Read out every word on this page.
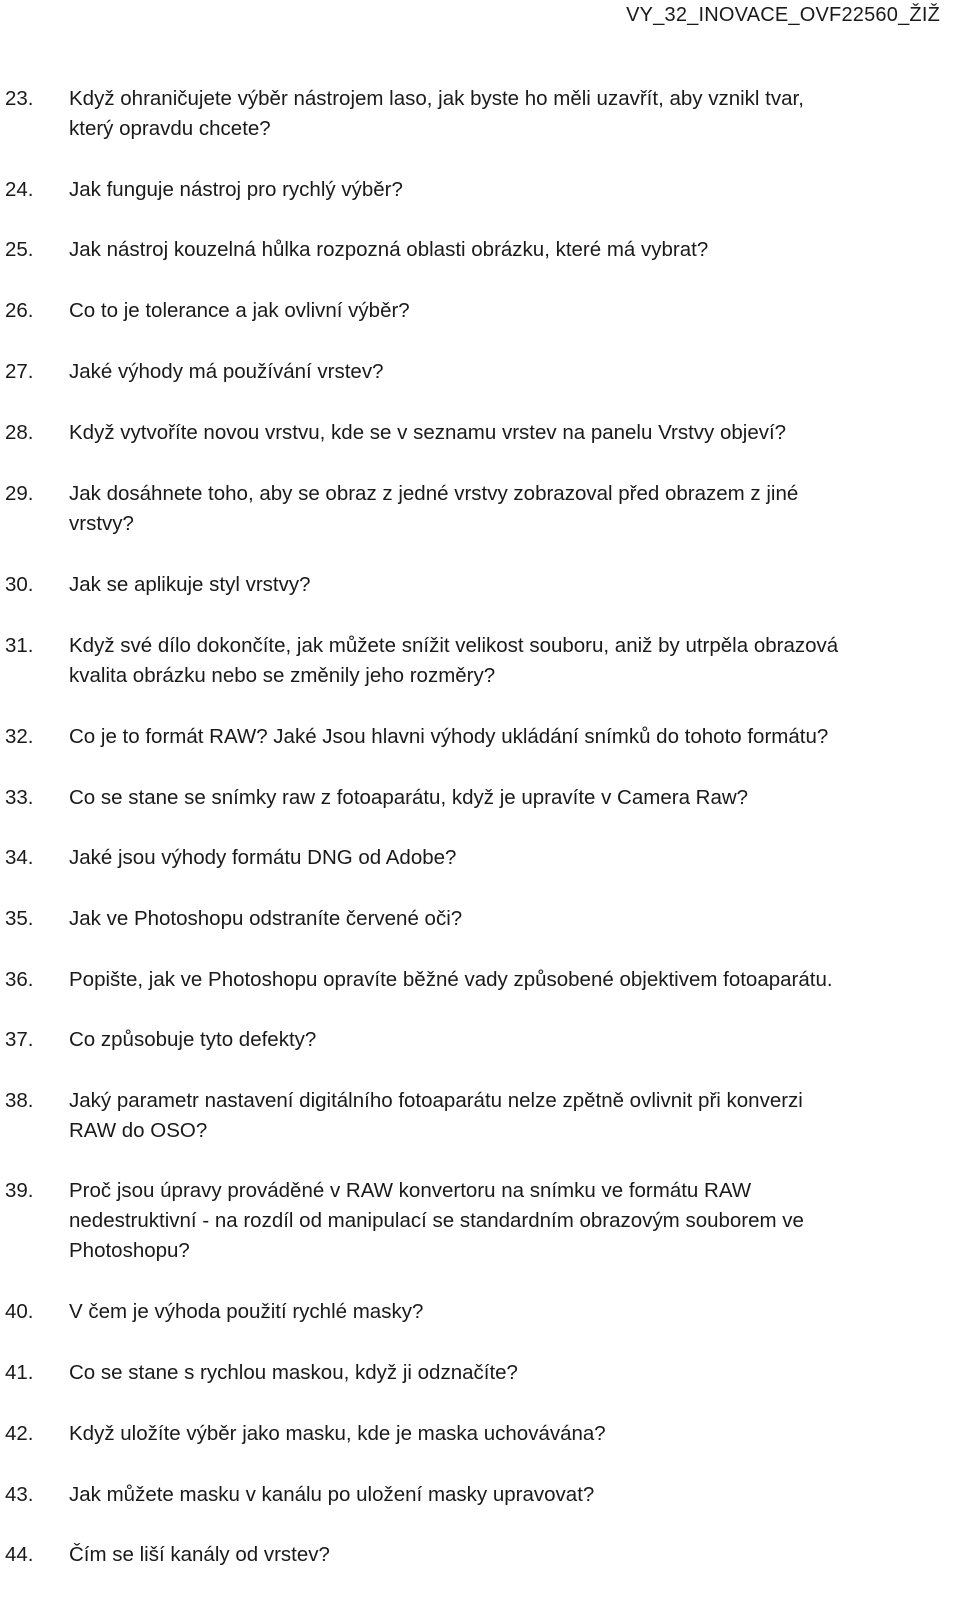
VY_32_INOVACE_OVF22560_ŽIŽ
23. Když ohraničujete výběr nástrojem laso, jak byste ho měli uzavřít, aby vznikl tvar,
který opravdu chcete?
24. Jak funguje nástroj pro rychlý výběr?
25. Jak nástroj kouzelná hůlka rozpozná oblasti obrázku, které má vybrat?
26. Co to je tolerance a jak ovlivní výběr?
27. Jaké výhody má používání vrstev?
28. Když vytvoříte novou vrstvu, kde se v seznamu vrstev na panelu Vrstvy objeví?
29. Jak dosáhnete toho, aby se obraz z jedné vrstvy zobrazoval před obrazem z jiné
vrstvy?
30. Jak se aplikuje styl vrstvy?
31. Když své dílo dokončíte, jak můžete snížit velikost souboru, aniž by utrpěla obrazová
kvalita obrázku nebo se změnily jeho rozměry?
32. Co je to formát RAW? Jaké Jsou hlavni výhody ukládání snímků do tohoto formátu?
33. Co se stane se snímky raw z fotoaparátu, když je upravíte v Camera Raw?
34. Jaké jsou výhody formátu DNG od Adobe?
35. Jak ve Photoshopu odstraníte červené oči?
36. Popište, jak ve Photoshopu opravíte běžné vady způsobené objektivem fotoaparátu.
37. Co způsobuje tyto defekty?
38. Jaký parametr nastavení digitálního fotoaparátu nelze zpětně ovlivnit při konverzi
RAW do OSO?
39. Proč jsou úpravy prováděné v RAW konvertoru na snímku ve formátu RAW
nedestruktivní - na rozdíl od manipulací se standardním obrazovým souborem ve
Photoshopu?
40. V čem je výhoda použití rychlé masky?
41. Co se stane s rychlou maskou, když ji odznačíte?
42. Když uložíte výběr jako masku, kde je maska uchovávána?
43. Jak můžete masku v kanálu po uložení masky upravovat?
44. Čím se liší kanály od vrstev?
